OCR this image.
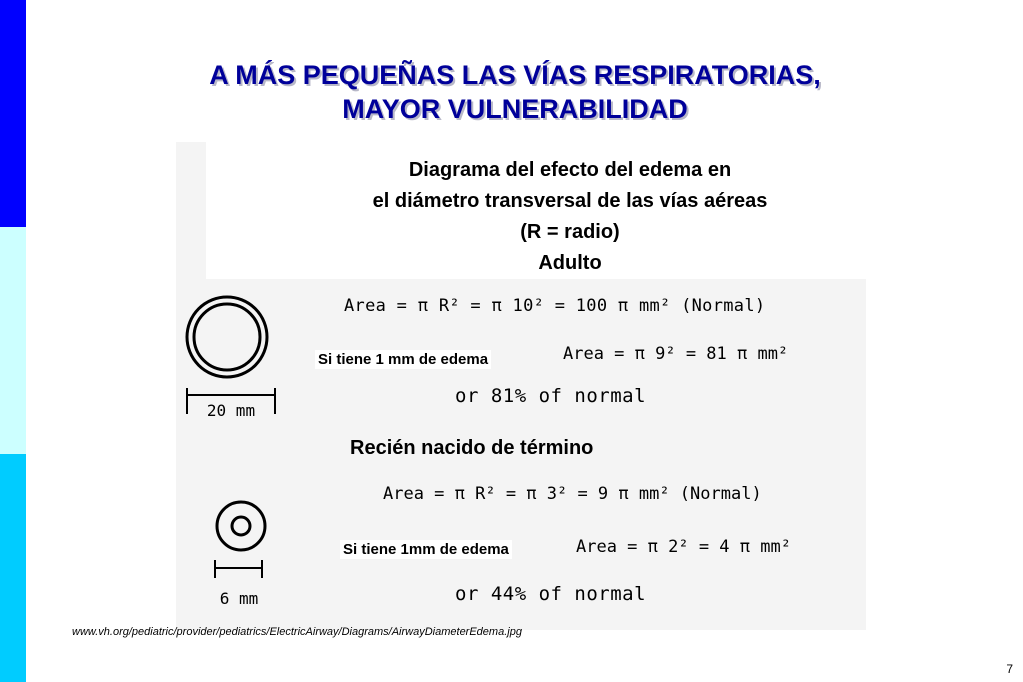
A MÁS PEQUEÑAS LAS VÍAS RESPIRATORIAS,
MAYOR VULNERABILIDAD
Diagrama del efecto del edema en
el diámetro transversal de las vías aéreas
(R = radio)
Adulto
20 mm
Area = π R² = π 10² = 100 π mm² (Normal)
Si tiene 1 mm de edema	Area = π 9² = 81 π mm²
or 81% of normal
Recién nacido de término
6 mm
Area = π R² = π 3² = 9 π mm² (Normal)
Si tiene 1mm de edema	Area = π 2² = 4 π mm²
or 44% of normal
www.vh.org/pediatric/provider/pediatrics/ElectricAirway/Diagrams/AirwayDiameterEdema.jpg
7
